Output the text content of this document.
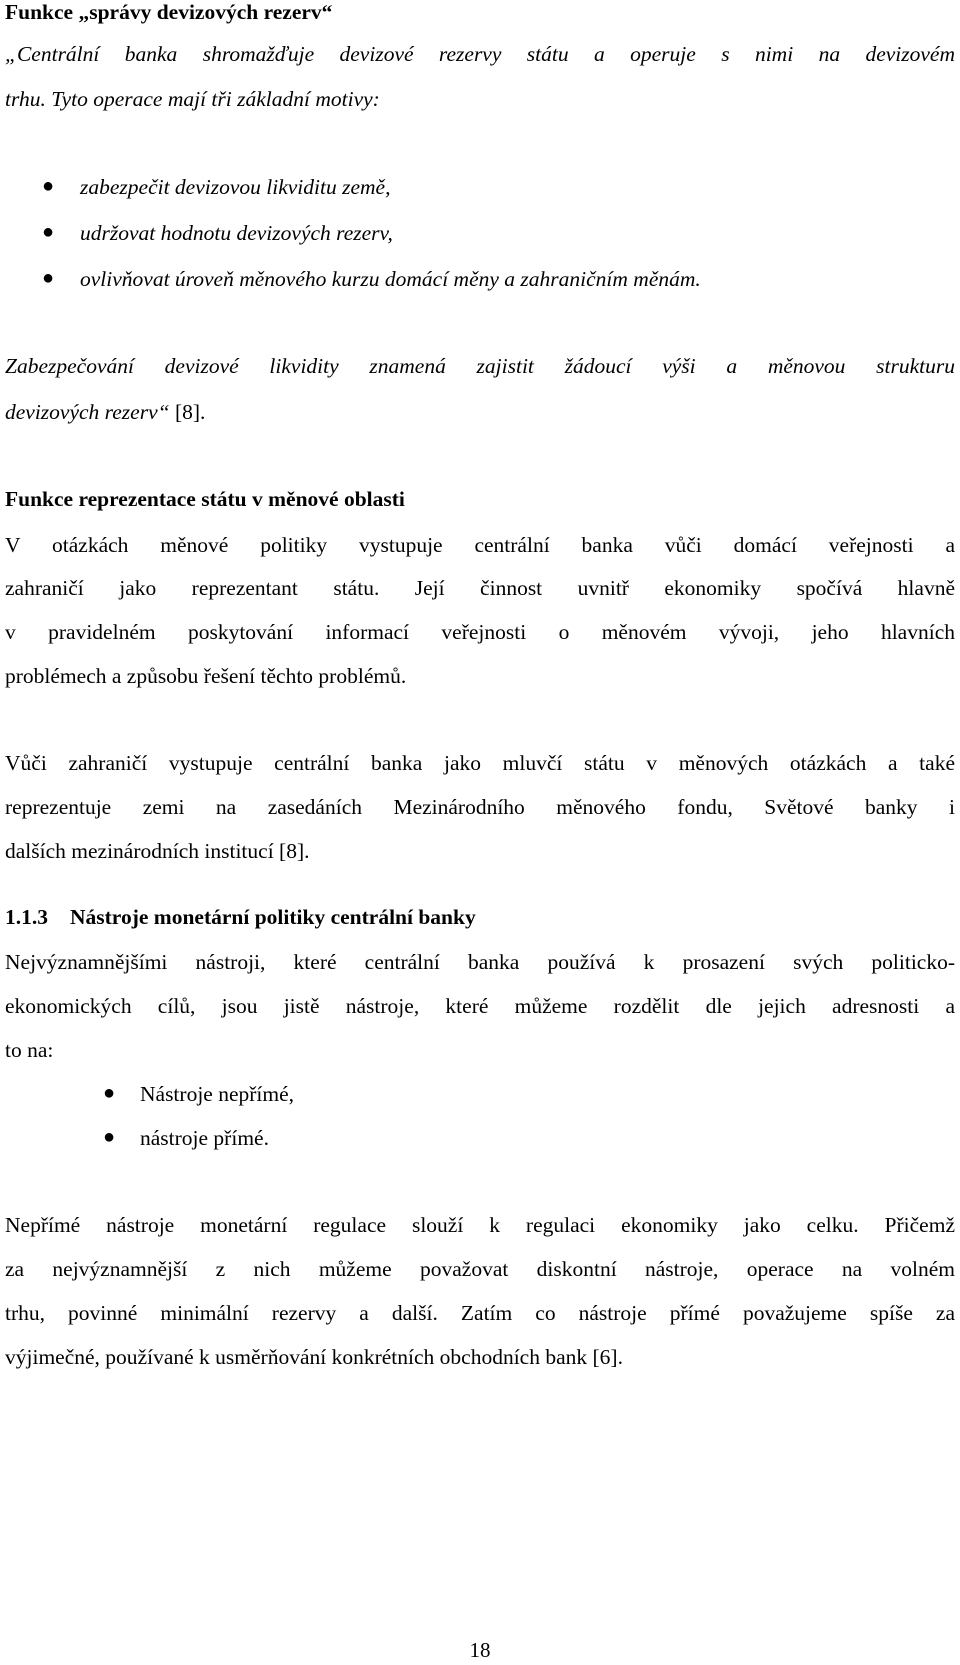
Funkce „správy devizových rezerv“
„Centrální banka shromažďuje devizové rezervy státu a operuje s nimi na devizovém
trhu. Tyto operace mají tři základní motivy:
● zabezpečit devizovou likviditu země,
● udržovat hodnotu devizových rezerv,
● ovlivňovat úroveň měnového kurzu domácí měny a zahraničním měnám.
Zabezpečování devizové likvidity znamená zajistit žádoucí výši a měnovou strukturu
devizových rezerv“ [8].
Funkce reprezentace státu v měnové oblasti
V otázkách měnové politiky vystupuje centrální banka vůči domácí veřejnosti a
zahraničí jako reprezentant státu. Její činnost uvnitř ekonomiky spočívá hlavně
v pravidelném poskytování informací veřejnosti o měnovém vývoji, jeho hlavních
problémech a způsobu řešení těchto problémů.
Vůči zahraničí vystupuje centrální banka jako mluvčí státu v měnových otázkách a také
reprezentuje zemi na zasedáních Mezinárodního měnového fondu, Světové banky i
dalších mezinárodních institucí [8].
1.1.3 Nástroje monetární politiky centrální banky
Nejvýznamnějšími nástroji, které centrální banka používá k prosazení svých politicko-
ekonomických cílů, jsou jistě nástroje, které můžeme rozdělit dle jejich adresnosti a
to na:
● Nástroje nepřímé,
● nástroje přímé.
Nepřímé nástroje monetární regulace slouží k regulaci ekonomiky jako celku. Přičemž
za nejvýznamnější z nich můžeme považovat diskontní nástroje, operace na volném
trhu, povinné minimální rezervy a další. Zatím co nástroje přímé považujeme spíše za
výjimečné, používané k usměrňování konkrétních obchodních bank [6].
18
